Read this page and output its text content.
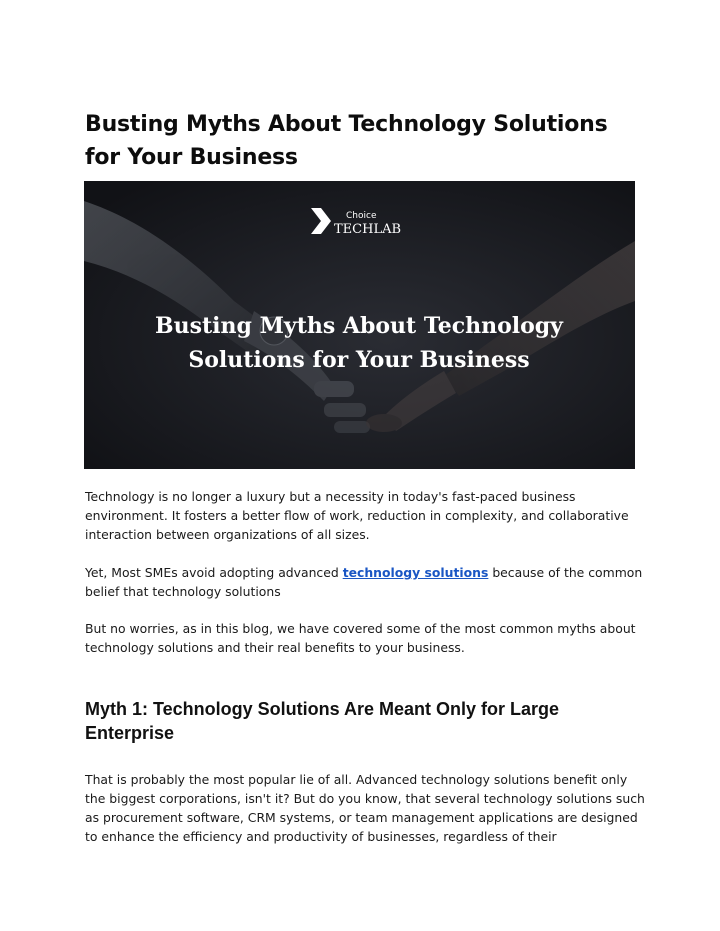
Busting Myths About Technology Solutions for Your Business
Choice
TECHLAB
Busting Myths About Technology
Solutions for Your Business

Technology is no longer a luxury but a necessity in today's fast-paced business environment. It fosters a better flow of work, reduction in complexity, and collaborative interaction between organizations of all sizes.

Yet, Most SMEs avoid adopting advanced technology solutions because of the common belief that technology solutions

But no worries, as in this blog, we have covered some of the most common myths about technology solutions and their real benefits to your business.

Myth 1: Technology Solutions Are Meant Only for Large Enterprise

That is probably the most popular lie of all. Advanced technology solutions benefit only the biggest corporations, isn't it? But do you know, that several technology solutions such as procurement software, CRM systems, or team management applications are designed to enhance the efficiency and productivity of businesses, regardless of their
